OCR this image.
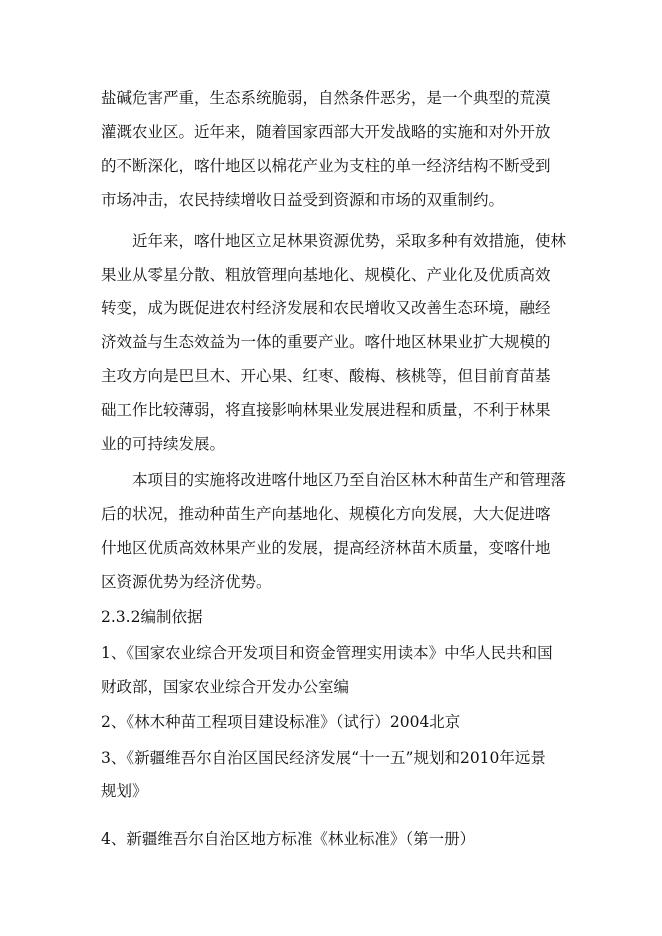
盐碱危害严重，生态系统脆弱，自然条件恶劣，是一个典型的荒漠
灌溉农业区。近年来，随着国家西部大开发战略的实施和对外开放
的不断深化，喀什地区以棉花产业为支柱的单一经济结构不断受到
市场冲击，农民持续增收日益受到资源和市场的双重制约。
近年来，喀什地区立足林果资源优势，采取多种有效措施，使林
果业从零星分散、粗放管理向基地化、规模化、产业化及优质高效
转变，成为既促进农村经济发展和农民增收又改善生态环境，融经
济效益与生态效益为一体的重要产业。喀什地区林果业扩大规模的
主攻方向是巴旦木、开心果、红枣、酸梅、核桃等，但目前育苗基
础工作比较薄弱，将直接影响林果业发展进程和质量，不利于林果
业的可持续发展。
本项目的实施将改进喀什地区乃至自治区林木种苗生产和管理落
后的状况，推动种苗生产向基地化、规模化方向发展，大大促进喀
什地区优质高效林果产业的发展，提高经济林苗木质量，变喀什地
区资源优势为经济优势。
2.3.2编制依据
1、《国家农业综合开发项目和资金管理实用读本》中华人民共和国
财政部，国家农业综合开发办公室编
2、《林木种苗工程项目建设标准》（试行）2004北京
3、《新疆维吾尔自治区国民经济发展“十一五”规划和2010年远景
规划》
4、新疆维吾尔自治区地方标准《林业标准》（第一册）
